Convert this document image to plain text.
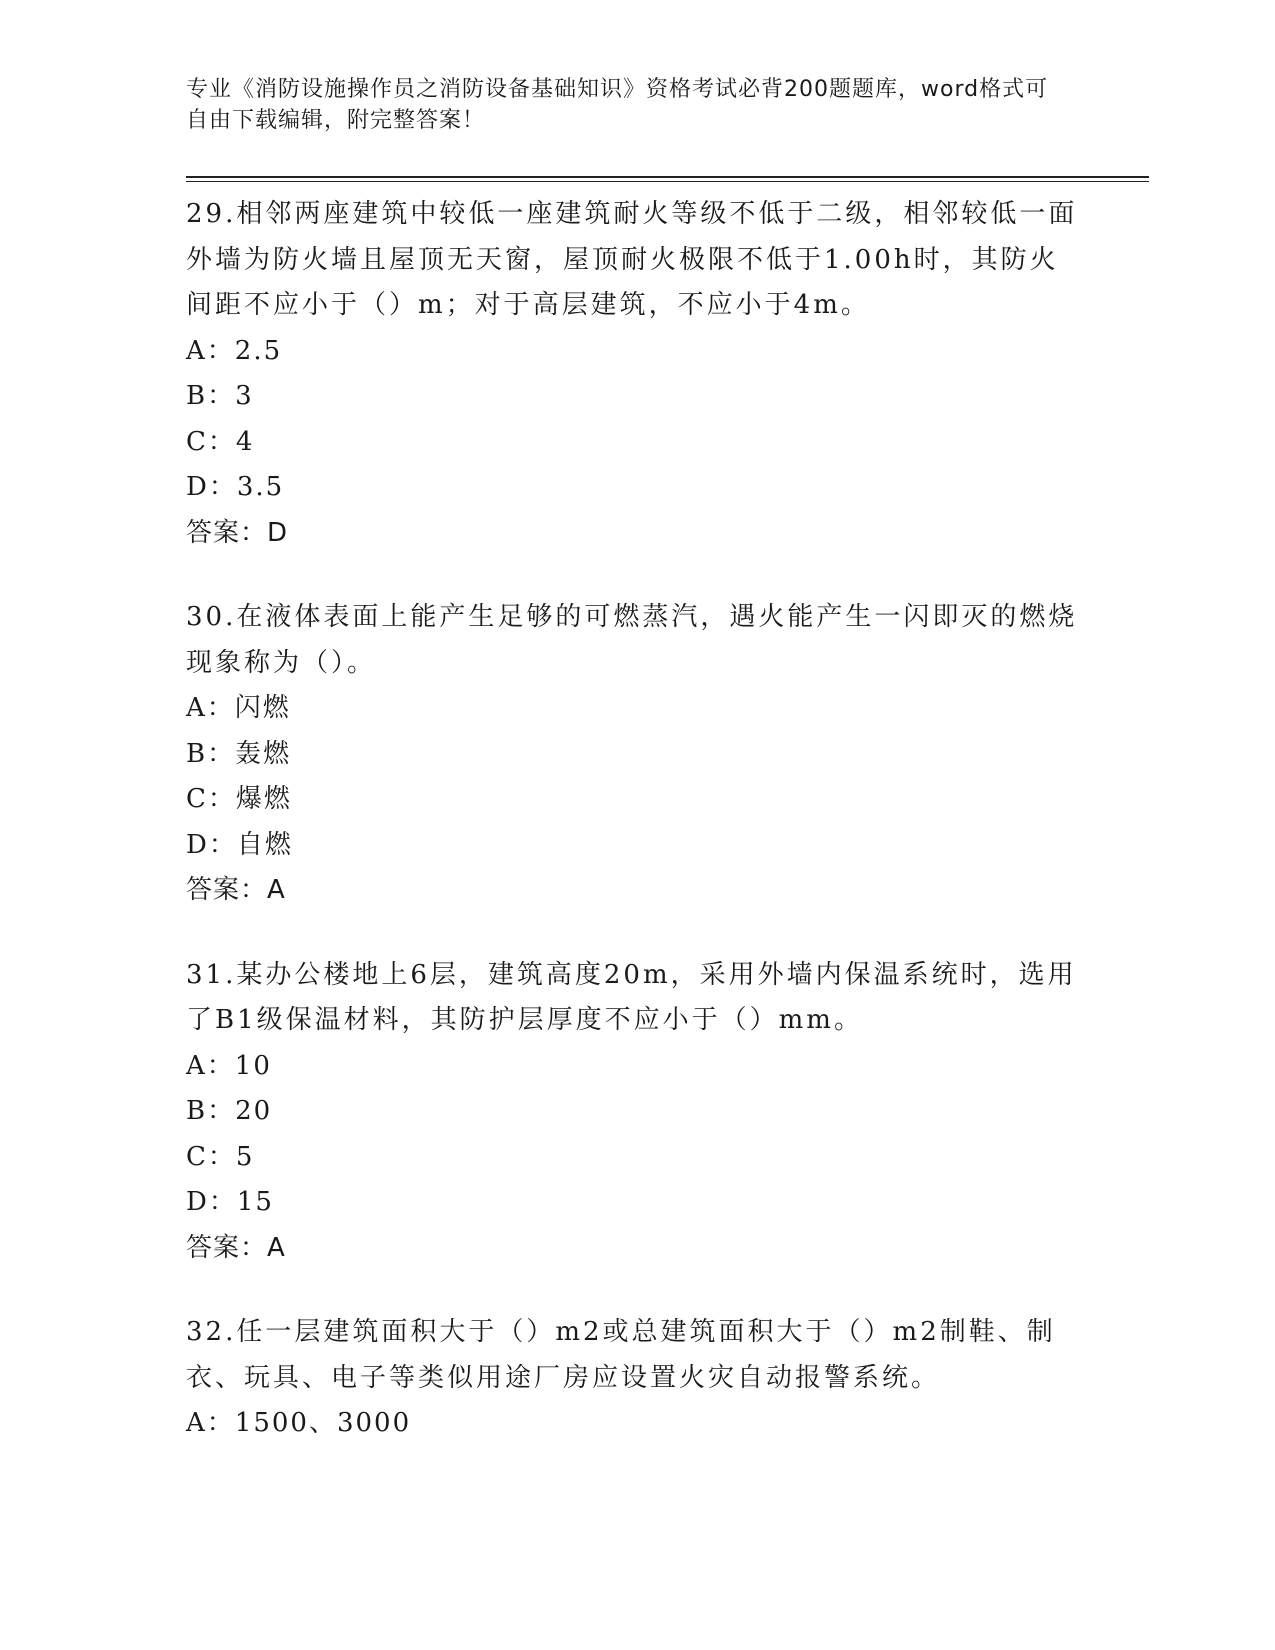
专业《消防设施操作员之消防设备基础知识》资格考试必背200题题库，word格式可自由下载编辑，附完整答案！

29.相邻两座建筑中较低一座建筑耐火等级不低于二级，相邻较低一面外墙为防火墙且屋顶无天窗，屋顶耐火极限不低于1.00h时，其防火间距不应小于（）m；对于高层建筑，不应小于4m。

A：2.5

B：3

C：4

D：3.5

答案：D

30.在液体表面上能产生足够的可燃蒸汽，遇火能产生一闪即灭的燃烧现象称为（）。

A：闪燃

B：轰燃

C：爆燃

D：自燃

答案：A

31.某办公楼地上6层，建筑高度20m，采用外墙内保温系统时，选用了B1级保温材料，其防护层厚度不应小于（）mm。

A：10

B：20

C：5

D：15

答案：A

32.任一层建筑面积大于（）m2或总建筑面积大于（）m2制鞋、制衣、玩具、电子等类似用途厂房应设置火灾自动报警系统。

A：1500、3000
